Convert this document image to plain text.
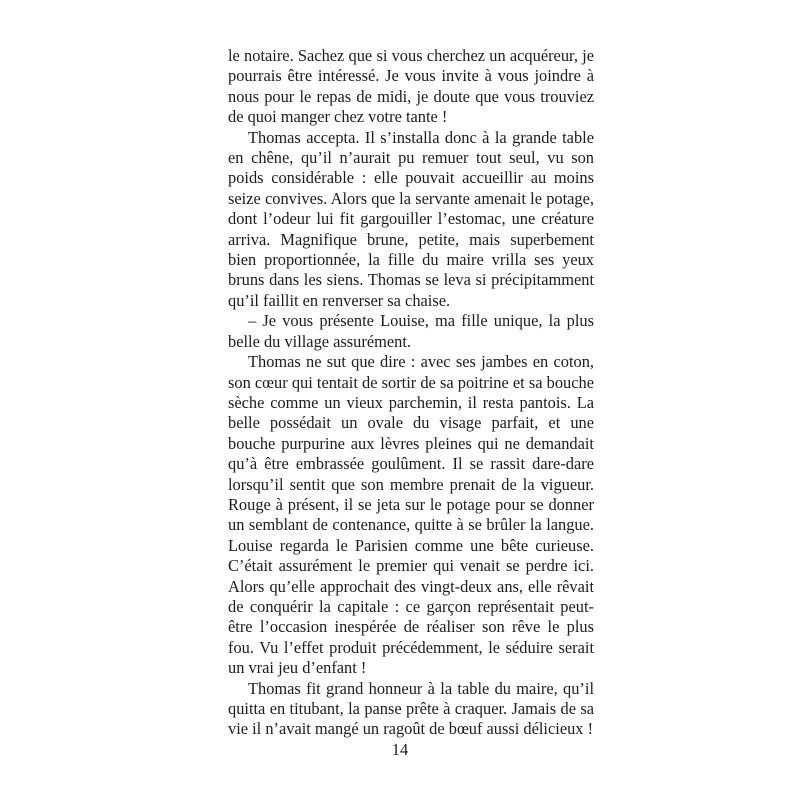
le notaire. Sachez que si vous cherchez un acquéreur, je pourrais être intéressé. Je vous invite à vous joindre à nous pour le repas de midi, je doute que vous trouviez de quoi manger chez votre tante !

Thomas accepta. Il s’installa donc à la grande table en chêne, qu’il n’aurait pu remuer tout seul, vu son poids considérable : elle pouvait accueillir au moins seize convives. Alors que la servante amenait le potage, dont l’odeur lui fit gargouiller l’estomac, une créature arriva. Magnifique brune, petite, mais superbement bien proportionnée, la fille du maire vrilla ses yeux bruns dans les siens. Thomas se leva si précipitamment qu’il faillit en renverser sa chaise.

– Je vous présente Louise, ma fille unique, la plus belle du village assurément.

Thomas ne sut que dire : avec ses jambes en coton, son cœur qui tentait de sortir de sa poitrine et sa bouche sèche comme un vieux parchemin, il resta pantois. La belle possédait un ovale du visage parfait, et une bouche purpurine aux lèvres pleines qui ne demandait qu’à être embrassée goulûment. Il se rassit dare-dare lorsqu’il sentit que son membre prenait de la vigueur. Rouge à présent, il se jeta sur le potage pour se donner un semblant de contenance, quitte à se brûler la langue. Louise regarda le Parisien comme une bête curieuse. C’était assurément le premier qui venait se perdre ici. Alors qu’elle approchait des vingt-deux ans, elle rêvait de conquérir la capitale : ce garçon représentait peut-être l’occasion inespérée de réaliser son rêve le plus fou. Vu l’effet produit précédemment, le séduire serait un vrai jeu d’enfant !

Thomas fit grand honneur à la table du maire, qu’il quitta en titubant, la panse prête à craquer. Jamais de sa vie il n’avait mangé un ragoût de bœuf aussi délicieux !

14
